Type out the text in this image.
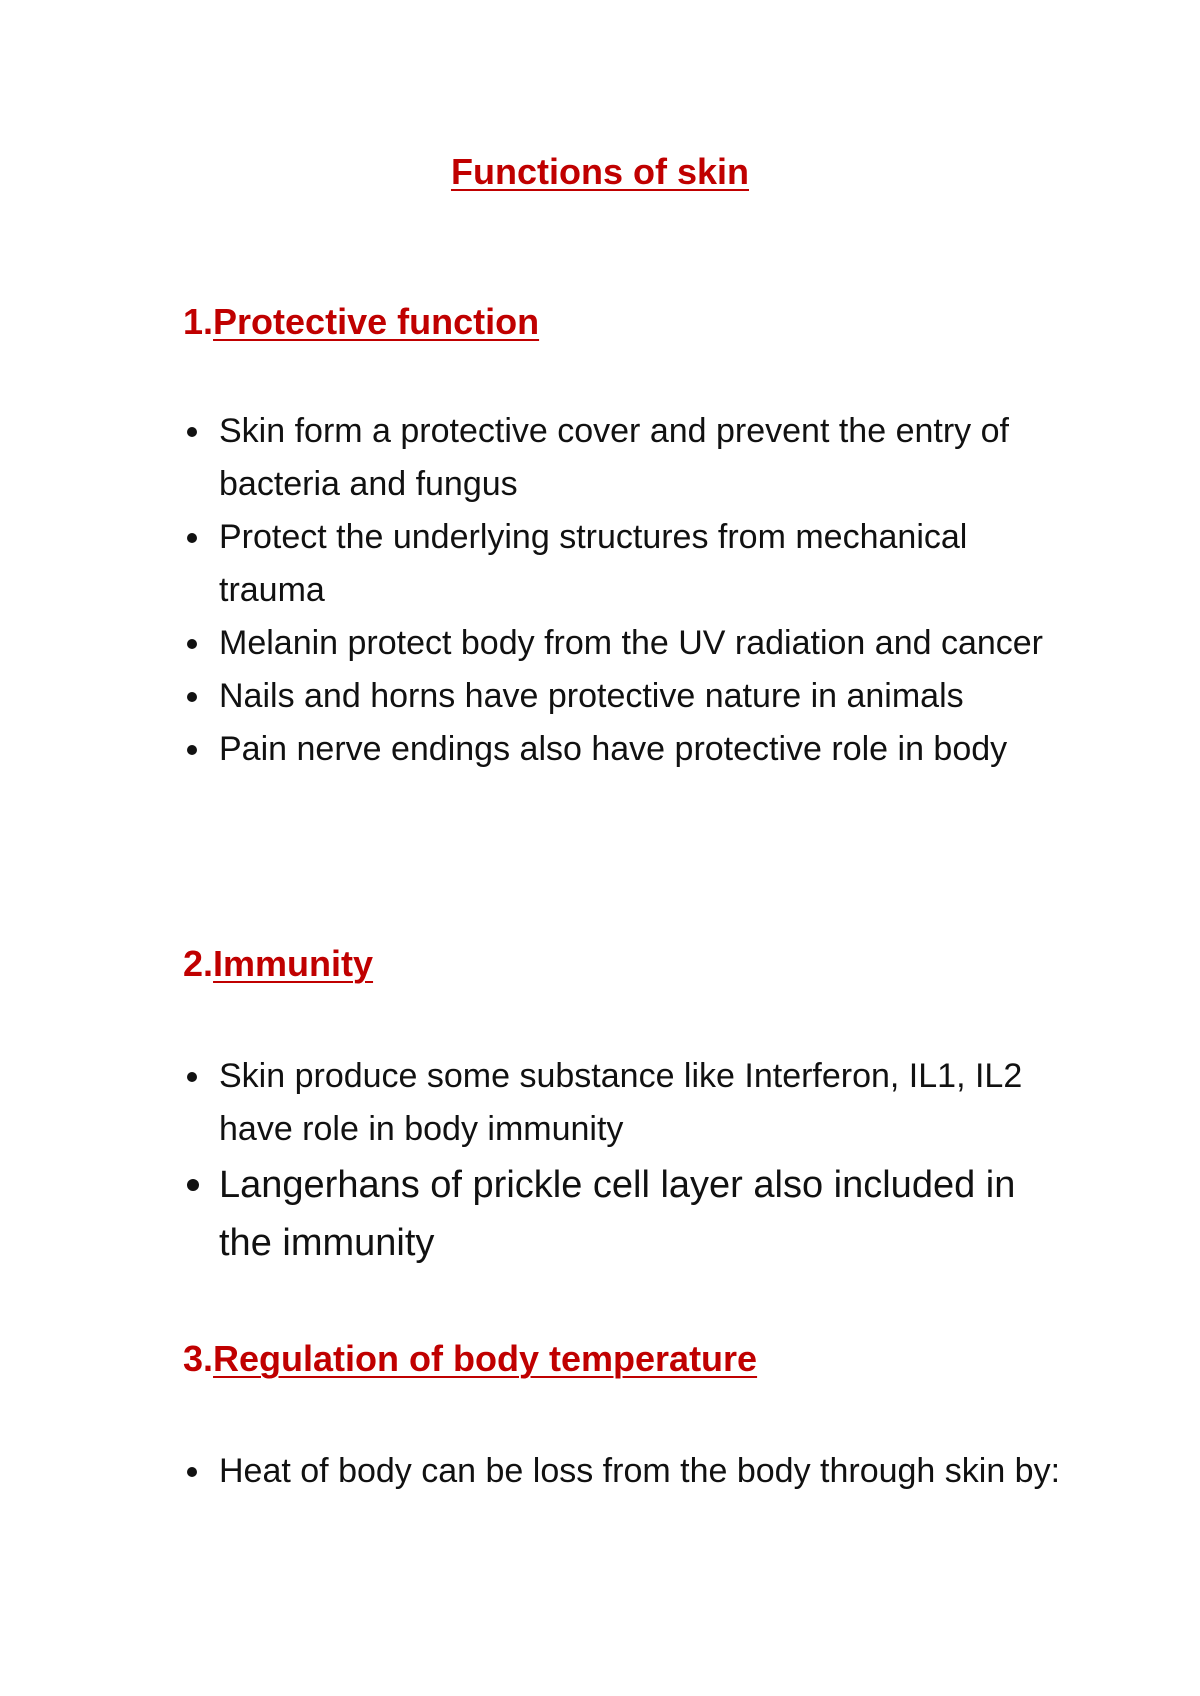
Functions of skin
1.Protective function
Skin form a protective cover and prevent the entry of bacteria and fungus
Protect the underlying structures from mechanical trauma
Melanin protect body from the UV radiation and cancer
Nails and horns have protective nature in animals
Pain nerve endings also have protective role in body
2.Immunity
Skin produce some substance like Interferon, IL1, IL2 have role in body immunity
Langerhans of prickle cell layer also included in the immunity
3.Regulation of body temperature
Heat of body can be loss from the body through skin by:
